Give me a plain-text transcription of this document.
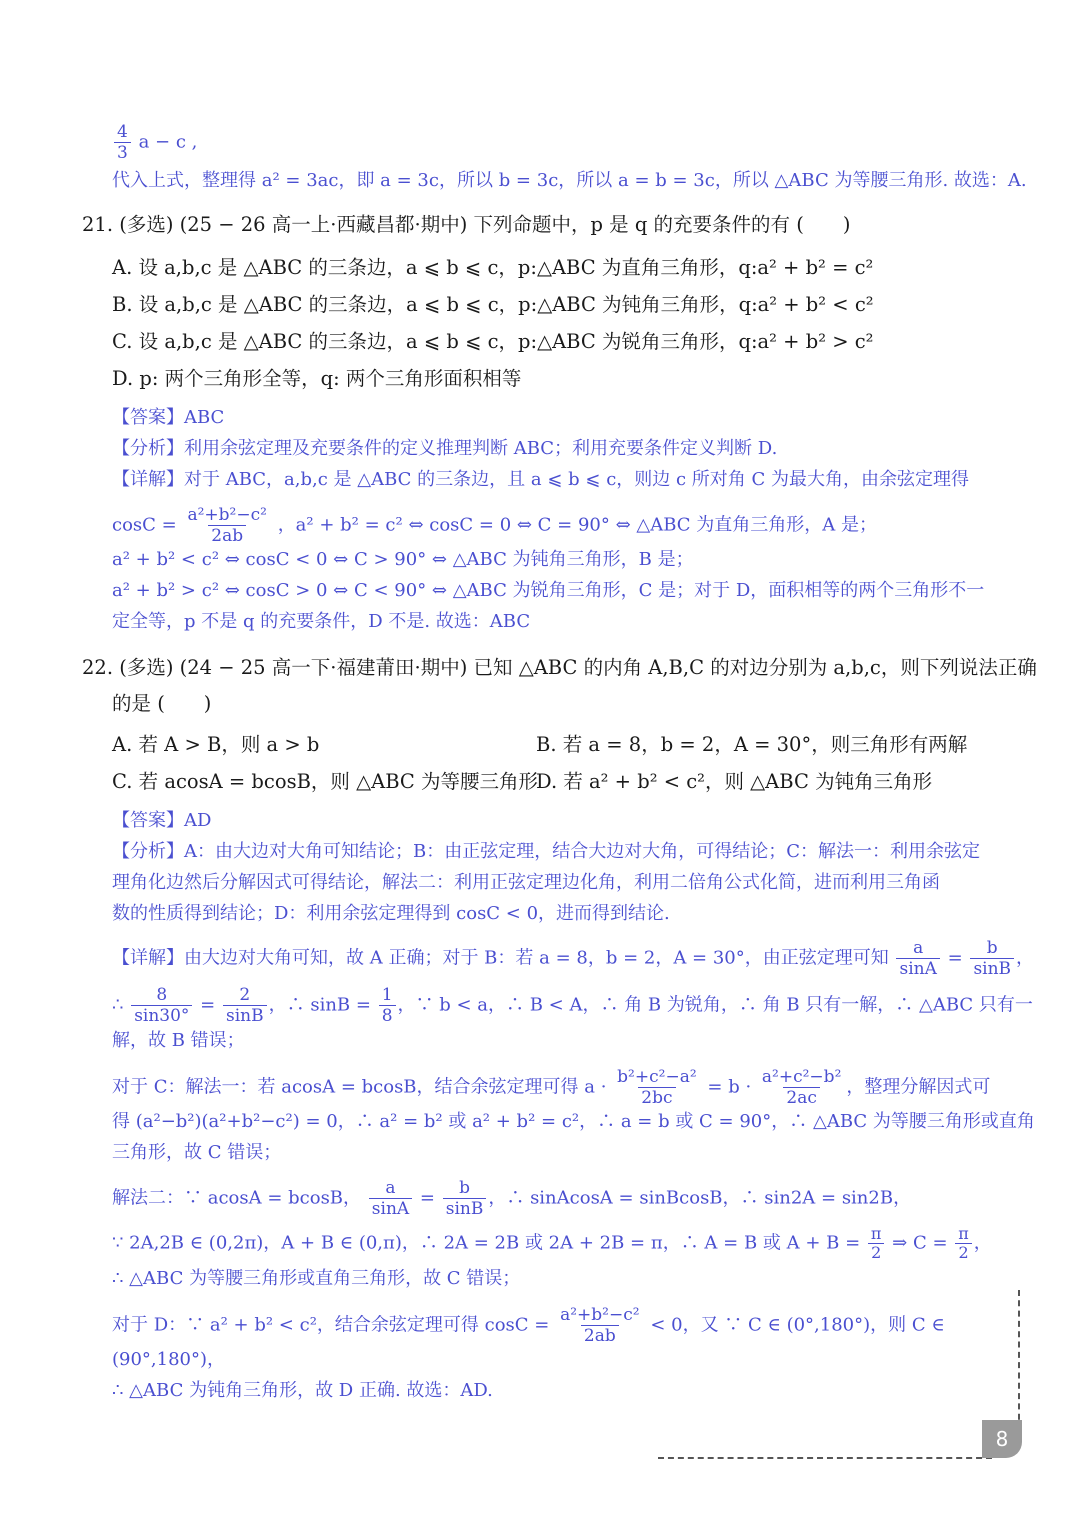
$\frac{4}{3}$ a − c ,
代入上式，整理得 a² = 3ac，即 a = 3c，所以 b = 3c，所以 a = b = 3c，所以 △ABC 为等腰三角形. 故选：A.
21. (多选) (25 − 26 高一上·西藏昌都·期中) 下列命题中，p 是 q 的充要条件的有 (　　)
A. 设 a,b,c 是 △ABC 的三条边，a ⩽ b ⩽ c，p:△ABC 为直角三角形，q:a² + b² = c²
B. 设 a,b,c 是 △ABC 的三条边，a ⩽ b ⩽ c，p:△ABC 为钝角三角形，q:a² + b² < c²
C. 设 a,b,c 是 △ABC 的三条边，a ⩽ b ⩽ c，p:△ABC 为锐角三角形，q:a² + b² > c²
D. p: 两个三角形全等，q: 两个三角形面积相等
【答案】ABC
【分析】利用余弦定理及充要条件的定义推理判断 ABC；利用充要条件定义判断 D.
【详解】对于 ABC，a,b,c 是 △ABC 的三条边，且 a ⩽ b ⩽ c，则边 c 所对角 C 为最大角，由余弦定理得
$\cos C = \frac{\text{a²+b²−c²}}{2ab}$ ，a² + b² = c² ⇔ cosC = 0 ⇔ C = 90° ⇔ △ABC 为直角三角形，A 是；
a² + b² < c² ⇔ cosC < 0 ⇔ C > 90° ⇔ △ABC 为钝角三角形，B 是；
a² + b² > c² ⇔ cosC > 0 ⇔ C < 90° ⇔ △ABC 为锐角三角形，C 是；对于 D，面积相等的两个三角形不一
定全等，p 不是 q 的充要条件，D 不是. 故选：ABC
22. (多选) (24 − 25 高一下·福建莆田·期中) 已知 △ABC 的内角 A,B,C 的对边分别为 a,b,c，则下列说法正确
的是 (　　)
A. 若 A > B，则 a > b	B. 若 a = 8，b = 2，A = 30°，则三角形有两解
C. 若 acosA = bcosB，则 △ABC 为等腰三角形
D. 若 a² + b² < c²，则 △ABC 为钝角三角形
【答案】AD
【分析】A：由大边对大角可知结论；B：由正弦定理，结合大边对大角，可得结论；C：解法一：利用余弦定
理角化边然后分解因式可得结论，解法二：利用正弦定理边化角，利用二倍角公式化简，进而利用三角函
数的性质得到结论；D：利用余弦定理得到 cosC < 0，进而得到结论.
【详解】由大边对大角可知，故 A 正确；对于 B：若 a = 8，b = 2，A = 30°，由正弦定理可知 $\frac{a}{\sin A} = \frac{b}{\sin B}$ ，
∴ $\frac{8}{\sin 30^\circ} = \frac{2}{\sin B}$ ，∴ $\sin B = \frac{1}{8}$ ，∵ b < a，∴ B < A，∴ 角 B 为锐角，∴ 角 B 只有一解，∴ △ABC 只有一
解，故 B 错误；
对于 C：解法一：若 acosA = bcosB，结合余弦定理可得 $a \cdot \frac{\text{b²+c²−a²}}{2bc} = b \cdot \frac{\text{a²+c²−b²}}{2ac}$ ，整理分解因式可
得 (a²−b²)(a²+b²−c²) = 0，∴ a² = b² 或 a² + b² = c²，∴ a = b 或 C = 90°，∴ △ABC 为等腰三角形或直角
三角形，故 C 错误；
解法二：∵ acosA = bcosB， $\frac{a}{\sin A} = \frac{b}{\sin B}$ ，∴ sinAcosA = sinBcosB，∴ sin2A = sin2B，
∵ 2A,2B ∈ (0,2π)，A + B ∈ (0,π)，∴ 2A = 2B 或 2A + 2B = π，∴ A = B 或 $A + B = \frac{\pi}{2}$ ⇒ $C = \frac{\pi}{2}$ ，
∴ △ABC 为等腰三角形或直角三角形，故 C 错误；
对于 D：∵ a² + b² < c²，结合余弦定理可得 $\cos C = \frac{\text{a²+b²−c²}}{2ab} < 0$，又 ∵ C ∈ (0°,180°)，则 C ∈
(90°,180°)，
∴ △ABC 为钝角三角形，故 D 正确. 故选：AD.
8
